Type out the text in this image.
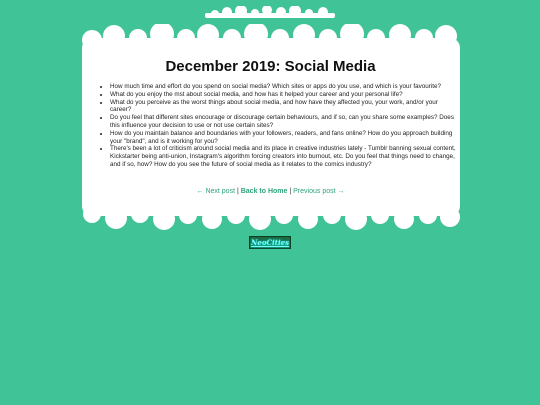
December 2019: Social Media
• How much time and effort do you spend on social media? Which sites or apps do you use, and which is your favourite?
• What do you enjoy the mst about social media, and how has it helped your career and your personal life?
• What do you perceive as the worst things about social media, and how have they affected you, your work, and/or your career?
• Do you feel that different sites encourage or discourage certain behaviours, and if so, can you share some examples? Does this influence your decision to use or not use certain sites?
• How do you maintain balance and boundaries with your followers, readers, and fans online? How do you approach building your "brand", and is it working for you?
• There's been a lot of criticism around social media and its place in creative industries lately - Tumblr banning sexual content, Kickstarter being anti-union, Instagram's algorithm forcing creators into burnout, etc. Do you feel that things need to change, and if so, how? How do you see the future of social media as it relates to the comics industry?
← Next post | Back to Home | Previous post →
NeoCities
